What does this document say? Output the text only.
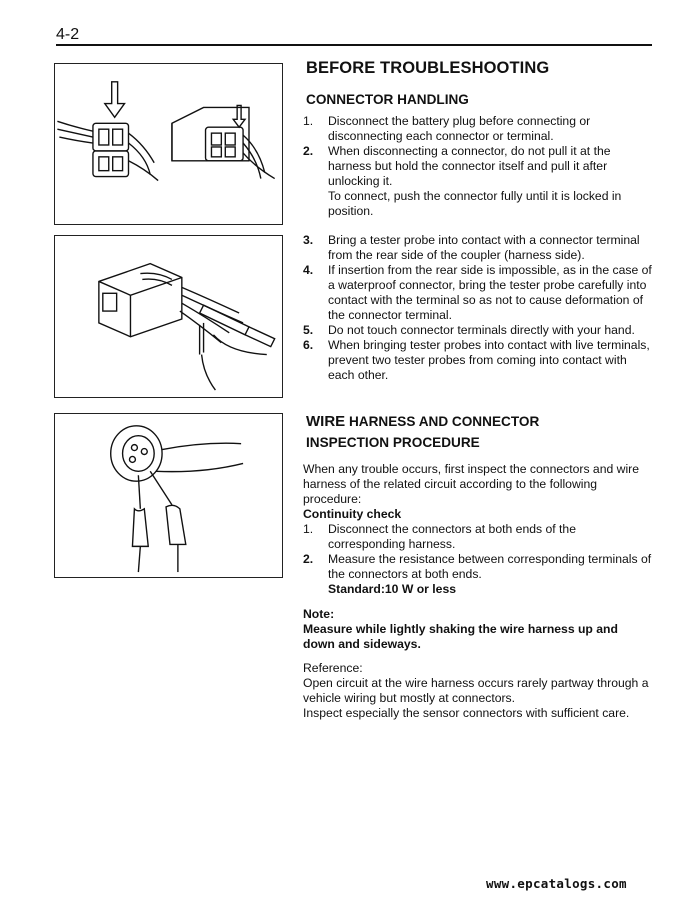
4-2
BEFORE TROUBLESHOOTING
CONNECTOR HANDLING
1. Disconnect the battery plug before connecting or disconnecting each connector or terminal.
2. When disconnecting a connector, do not pull it at the harness but hold the connector itself and pull it after unlocking it.
To connect, push the connector fully until it is locked in position.
3. Bring a tester probe into contact with a connector terminal from the rear side of the coupler (harness side).
4. If insertion from the rear side is impossible, as in the case of a waterproof connector, bring the tester probe carefully into contact with the terminal so as not to cause deformation of the connector terminal.
5. Do not touch connector terminals directly with your hand.
6. When bringing tester probes into contact with live terminals, prevent two tester probes from coming into contact with each other.
WIRE HARNESS AND CONNECTOR
INSPECTION PROCEDURE

When any trouble occurs, first inspect the connectors and wire harness of the related circuit according to the following procedure:

Continuity check
1. Disconnect the connectors at both ends of the corresponding harness.
2. Measure the resistance between corresponding terminals of the connectors at both ends.
Standard:10 W or less
Note:
Measure while lightly shaking the wire harness up and down and sideways.
Reference:
Open circuit at the wire harness occurs rarely partway through a vehicle wiring but mostly at connectors.
Inspect especially the sensor connectors with sufficient care.
www.epcatalogs.com
